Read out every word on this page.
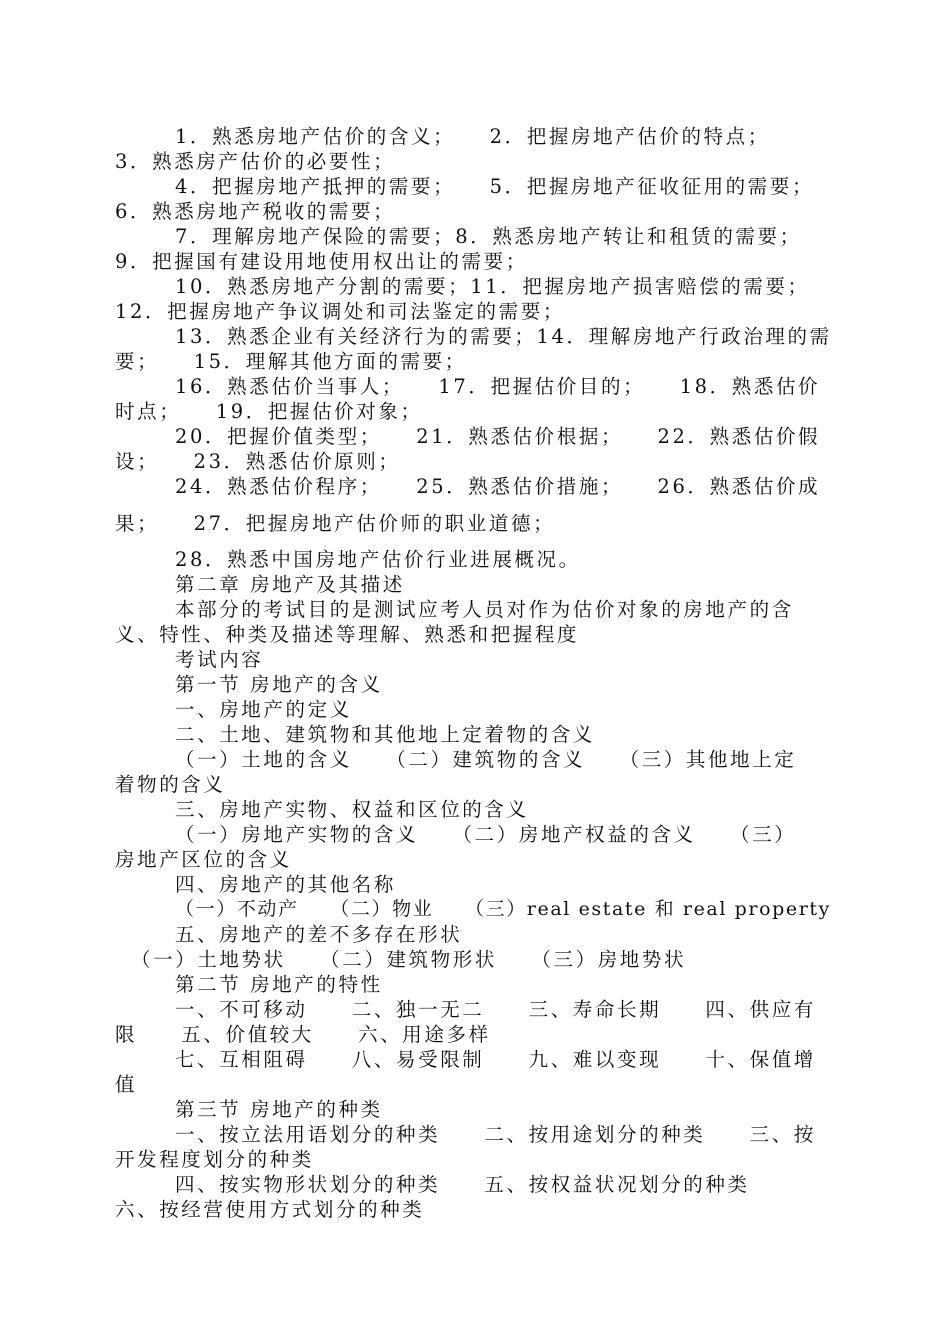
1．熟悉房地产估价的含义；　　2．把握房地产估价的特点；
3．熟悉房产估价的必要性；
4．把握房地产抵押的需要；　　5．把握房地产征收征用的需要；
6．熟悉房地产税收的需要；
7．理解房地产保险的需要；8．熟悉房地产转让和租赁的需要；
9．把握国有建设用地使用权出让的需要；
10．熟悉房地产分割的需要；11．把握房地产损害赔偿的需要；
12．把握房地产争议调处和司法鉴定的需要；
13．熟悉企业有关经济行为的需要；14．理解房地产行政治理的需
要；　　15．理解其他方面的需要；
16．熟悉估价当事人；　　17．把握估价目的；　　18．熟悉估价
时点；　　19．把握估价对象；
20．把握价值类型；　　21．熟悉估价根据；　　22．熟悉估价假
设；　　23．熟悉估价原则；
24．熟悉估价程序；　　25．熟悉估价措施；　　26．熟悉估价成
果；　　27．把握房地产估价师的职业道德；
28．熟悉中国房地产估价行业进展概况。
第二章 房地产及其描述
本部分的考试目的是测试应考人员对作为估价对象的房地产的含
义、特性、种类及描述等理解、熟悉和把握程度
考试内容
第一节 房地产的含义
一、房地产的定义
二、土地、建筑物和其他地上定着物的含义
（一）土地的含义　　（二）建筑物的含义　　（三）其他地上定
着物的含义
三、房地产实物、权益和区位的含义
（一）房地产实物的含义　　（二）房地产权益的含义　　（三）
房地产区位的含义
四、房地产的其他名称
（一）不动产　　（二）物业　　（三）real estate 和 real property
五、房地产的差不多存在形状
（一）土地势状　　（二）建筑物形状　　（三）房地势状
第二节 房地产的特性
一、不可移动　　二、独一无二　　三、寿命长期　　四、供应有
限　　五、价值较大　　六、用途多样
七、互相阻碍　　八、易受限制　　九、难以变现　　十、保值增
值
第三节 房地产的种类
一、按立法用语划分的种类　　二、按用途划分的种类　　三、按
开发程度划分的种类
四、按实物形状划分的种类　　五、按权益状况划分的种类
六、按经营使用方式划分的种类
